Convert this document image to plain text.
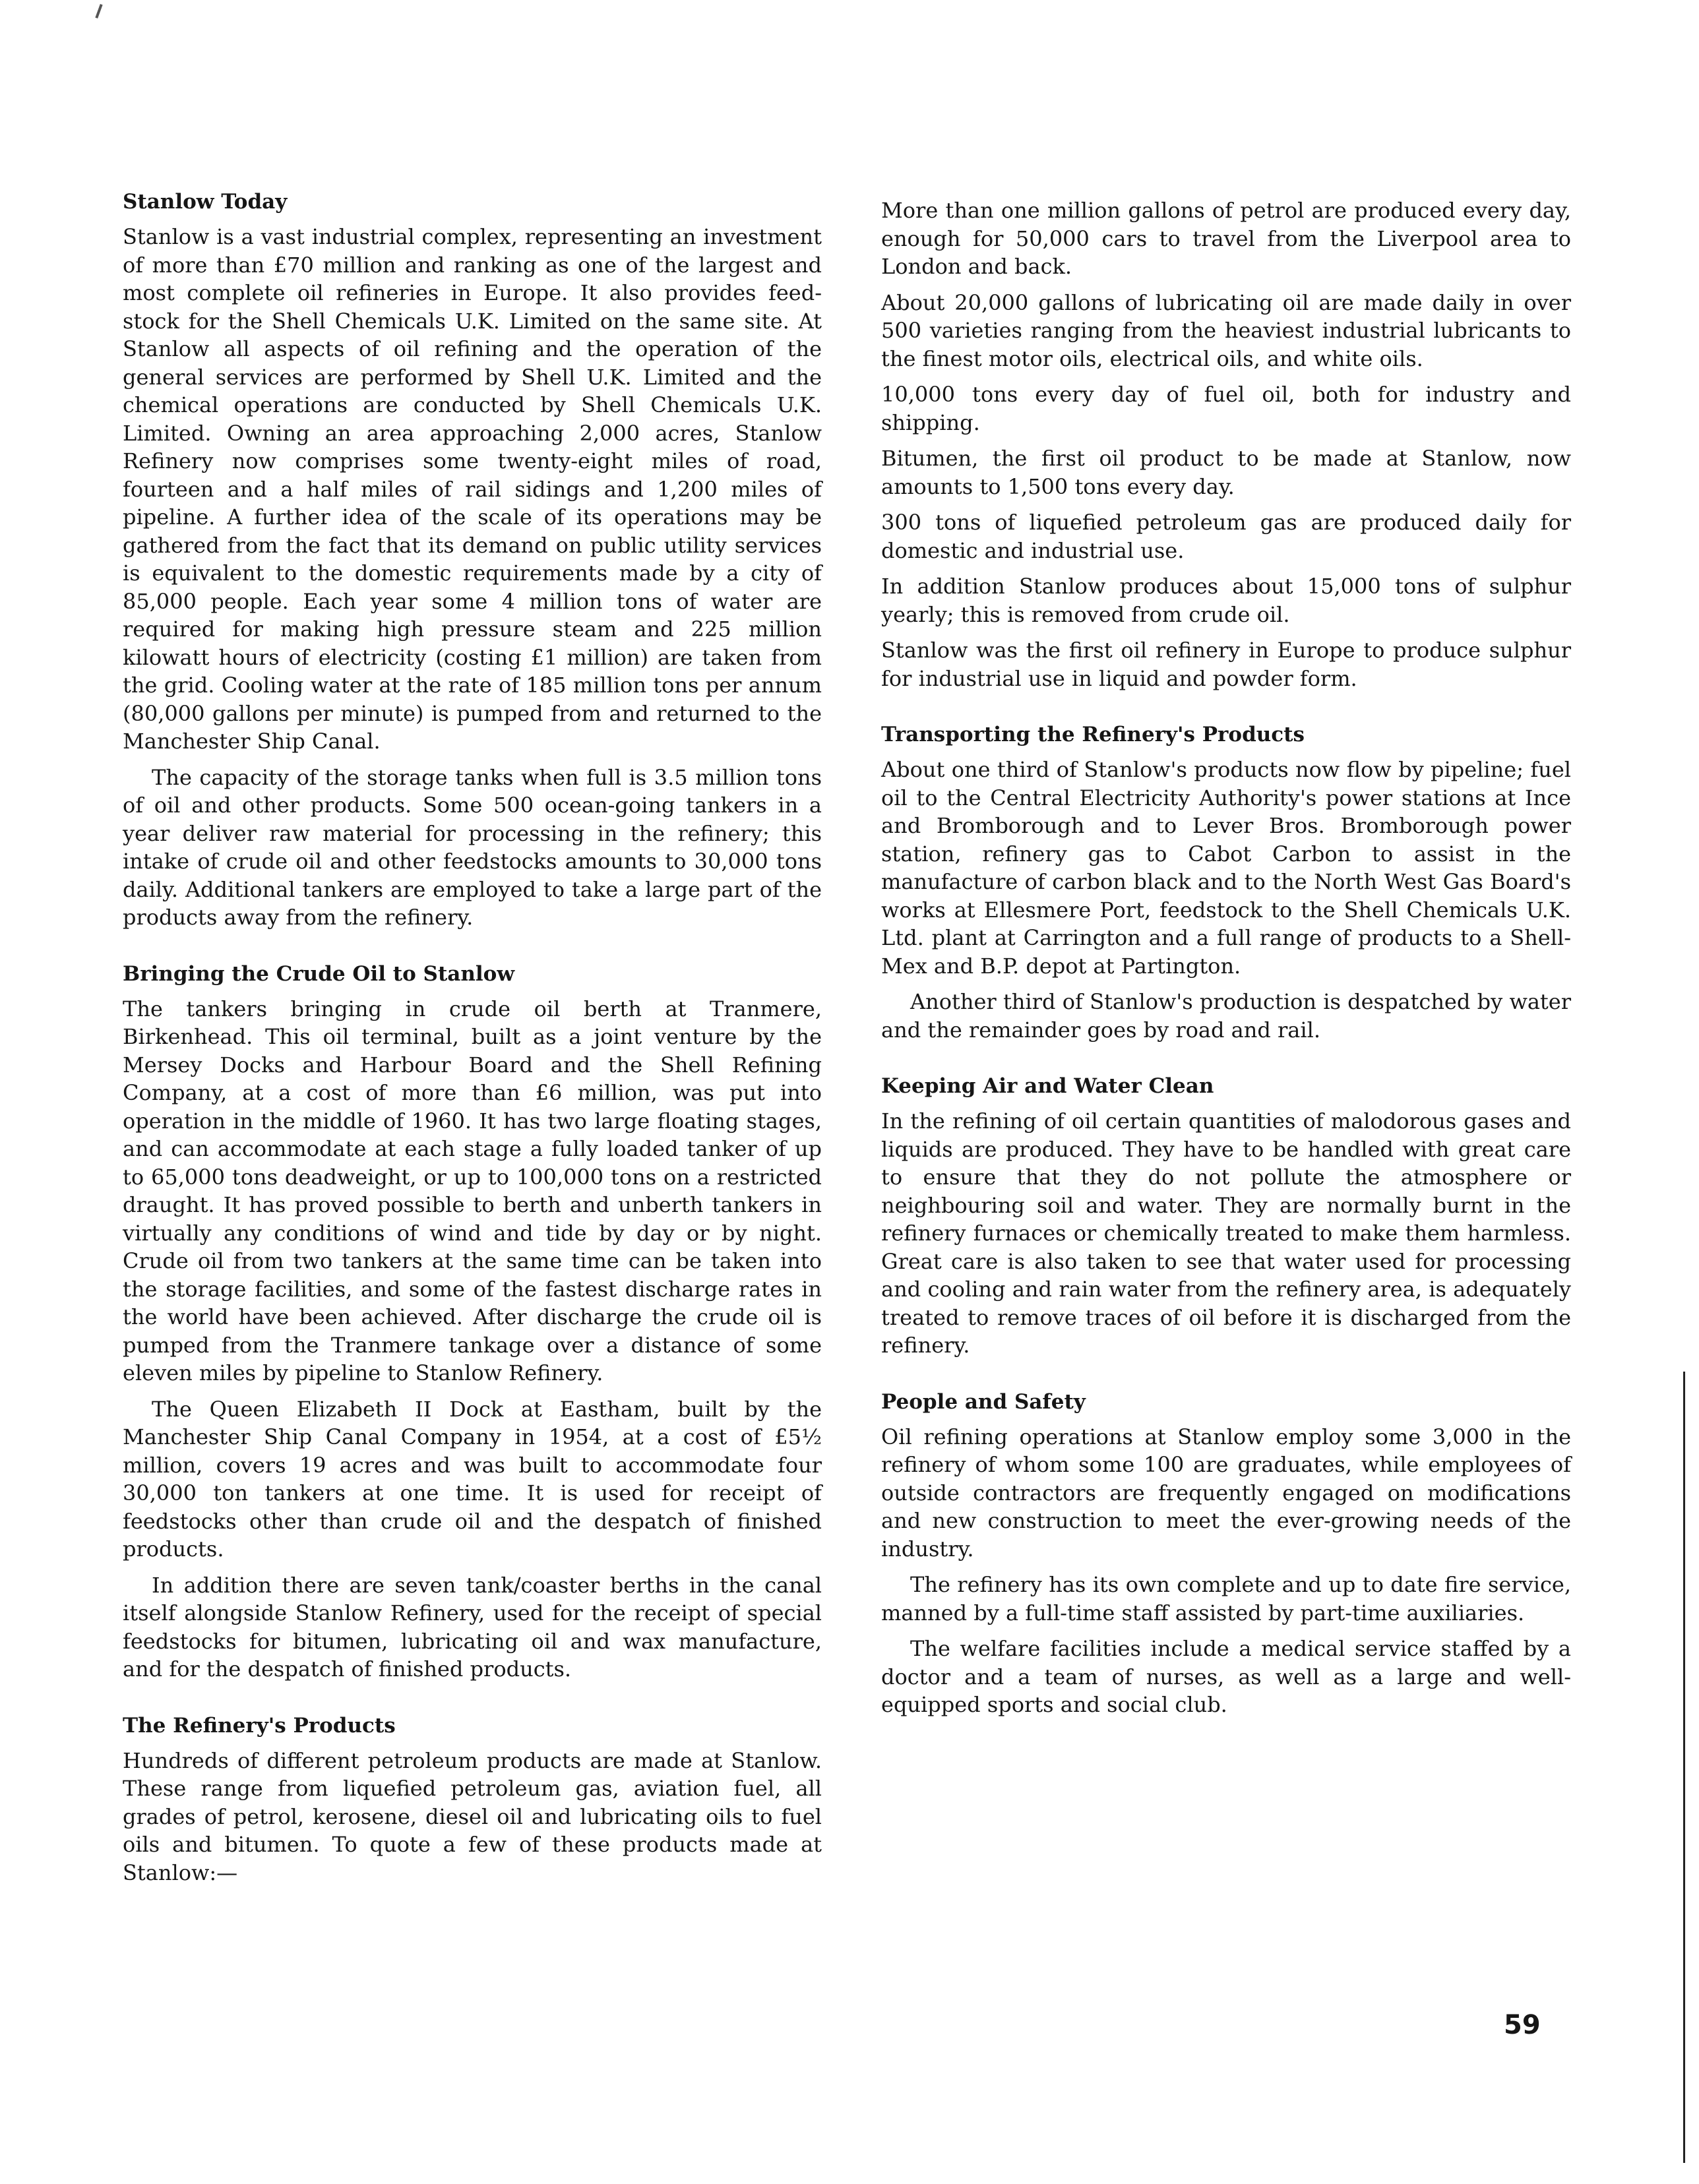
Stanlow Today

Stanlow is a vast industrial complex, representing an investment of more than £70 million and ranking as one of the largest and most complete oil refineries in Europe. It also provides feed-stock for the Shell Chemicals U.K. Limited on the same site. At Stanlow all aspects of oil refining and the operation of the general services are performed by Shell U.K. Limited and the chemical operations are conducted by Shell Chemicals U.K. Limited. Owning an area approaching 2,000 acres, Stanlow Refinery now comprises some twenty-eight miles of road, fourteen and a half miles of rail sidings and 1,200 miles of pipeline. A further idea of the scale of its operations may be gathered from the fact that its demand on public utility services is equivalent to the domestic requirements made by a city of 85,000 people. Each year some 4 million tons of water are required for making high pressure steam and 225 million kilowatt hours of electricity (costing £1 million) are taken from the grid. Cooling water at the rate of 185 million tons per annum (80,000 gallons per minute) is pumped from and returned to the Manchester Ship Canal.

The capacity of the storage tanks when full is 3.5 million tons of oil and other products. Some 500 ocean-going tankers in a year deliver raw material for processing in the refinery; this intake of crude oil and other feedstocks amounts to 30,000 tons daily. Additional tankers are employed to take a large part of the products away from the refinery.

Bringing the Crude Oil to Stanlow

The tankers bringing in crude oil berth at Tranmere, Birkenhead. This oil terminal, built as a joint venture by the Mersey Docks and Harbour Board and the Shell Refining Company, at a cost of more than £6 million, was put into operation in the middle of 1960. It has two large floating stages, and can accommodate at each stage a fully loaded tanker of up to 65,000 tons deadweight, or up to 100,000 tons on a restricted draught. It has proved possible to berth and unberth tankers in virtually any conditions of wind and tide by day or by night. Crude oil from two tankers at the same time can be taken into the storage facilities, and some of the fastest discharge rates in the world have been achieved. After discharge the crude oil is pumped from the Tranmere tankage over a distance of some eleven miles by pipeline to Stanlow Refinery.

The Queen Elizabeth II Dock at Eastham, built by the Manchester Ship Canal Company in 1954, at a cost of £5½ million, covers 19 acres and was built to accommodate four 30,000 ton tankers at one time. It is used for receipt of feedstocks other than crude oil and the despatch of finished products.

In addition there are seven tank/coaster berths in the canal itself alongside Stanlow Refinery, used for the receipt of special feedstocks for bitumen, lubricating oil and wax manufacture, and for the despatch of finished products.

The Refinery's Products

Hundreds of different petroleum products are made at Stanlow. These range from liquefied petroleum gas, aviation fuel, all grades of petrol, kerosene, diesel oil and lubricating oils to fuel oils and bitumen. To quote a few of these products made at Stanlow:—

More than one million gallons of petrol are produced every day, enough for 50,000 cars to travel from the Liverpool area to London and back.

About 20,000 gallons of lubricating oil are made daily in over 500 varieties ranging from the heaviest industrial lubricants to the finest motor oils, electrical oils, and white oils.

10,000 tons every day of fuel oil, both for industry and shipping.

Bitumen, the first oil product to be made at Stanlow, now amounts to 1,500 tons every day.

300 tons of liquefied petroleum gas are produced daily for domestic and industrial use.

In addition Stanlow produces about 15,000 tons of sulphur yearly; this is removed from crude oil.

Stanlow was the first oil refinery in Europe to produce sulphur for industrial use in liquid and powder form.

Transporting the Refinery's Products

About one third of Stanlow's products now flow by pipeline; fuel oil to the Central Electricity Authority's power stations at Ince and Bromborough and to Lever Bros. Bromborough power station, refinery gas to Cabot Carbon to assist in the manufacture of carbon black and to the North West Gas Board's works at Ellesmere Port, feedstock to the Shell Chemicals U.K. Ltd. plant at Carrington and a full range of products to a Shell-Mex and B.P. depot at Partington.

Another third of Stanlow's production is despatched by water and the remainder goes by road and rail.

Keeping Air and Water Clean

In the refining of oil certain quantities of malodorous gases and liquids are produced. They have to be handled with great care to ensure that they do not pollute the atmosphere or neighbouring soil and water. They are normally burnt in the refinery furnaces or chemically treated to make them harmless. Great care is also taken to see that water used for processing and cooling and rain water from the refinery area, is adequately treated to remove traces of oil before it is discharged from the refinery.

People and Safety

Oil refining operations at Stanlow employ some 3,000 in the refinery of whom some 100 are graduates, while employees of outside contractors are frequently engaged on modifications and new construction to meet the ever-growing needs of the industry.

The refinery has its own complete and up to date fire service, manned by a full-time staff assisted by part-time auxiliaries.

The welfare facilities include a medical service staffed by a doctor and a team of nurses, as well as a large and well-equipped sports and social club.

59
